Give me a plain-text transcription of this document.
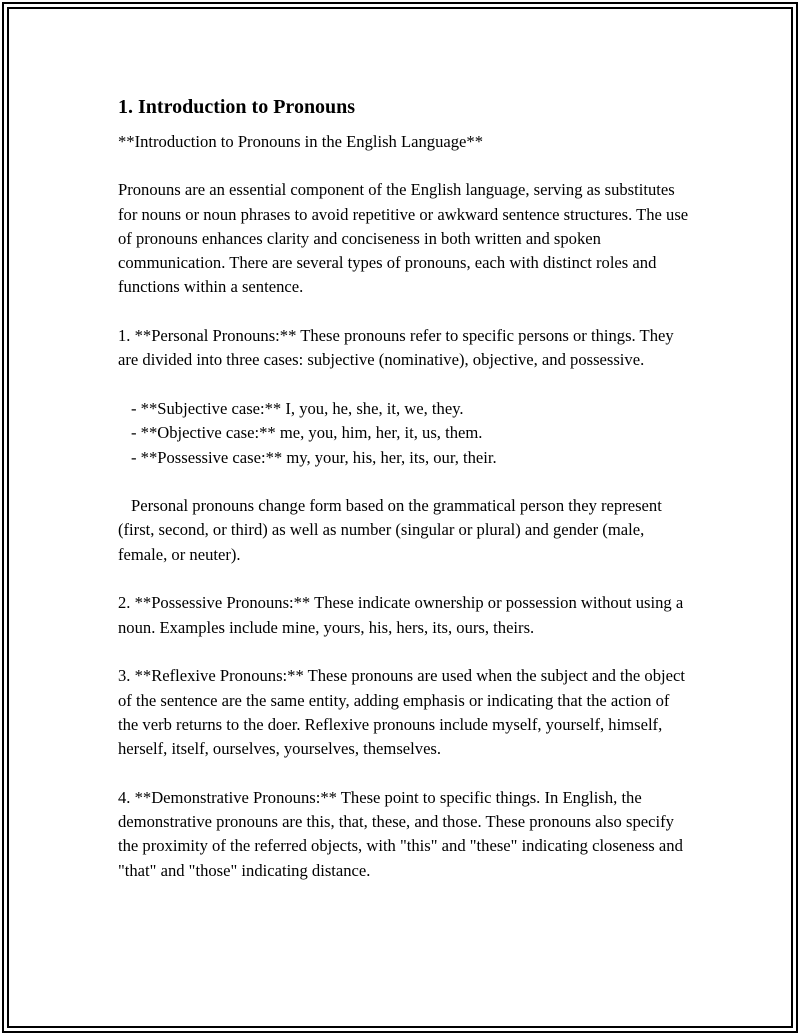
1. Introduction to Pronouns

**Introduction to Pronouns in the English Language**

Pronouns are an essential component of the English language, serving as substitutes for nouns or noun phrases to avoid repetitive or awkward sentence structures. The use of pronouns enhances clarity and conciseness in both written and spoken communication. There are several types of pronouns, each with distinct roles and functions within a sentence.

1. **Personal Pronouns:** These pronouns refer to specific persons or things. They are divided into three cases: subjective (nominative), objective, and possessive.

- **Subjective case:** I, you, he, she, it, we, they.
- **Objective case:** me, you, him, her, it, us, them.
- **Possessive case:** my, your, his, her, its, our, their.

Personal pronouns change form based on the grammatical person they represent (first, second, or third) as well as number (singular or plural) and gender (male, female, or neuter).

2. **Possessive Pronouns:** These indicate ownership or possession without using a noun. Examples include mine, yours, his, hers, its, ours, theirs.

3. **Reflexive Pronouns:** These pronouns are used when the subject and the object of the sentence are the same entity, adding emphasis or indicating that the action of the verb returns to the doer. Reflexive pronouns include myself, yourself, himself, herself, itself, ourselves, yourselves, themselves.

4. **Demonstrative Pronouns:** These point to specific things. In English, the demonstrative pronouns are this, that, these, and those. These pronouns also specify the proximity of the referred objects, with "this" and "these" indicating closeness and "that" and "those" indicating distance.
